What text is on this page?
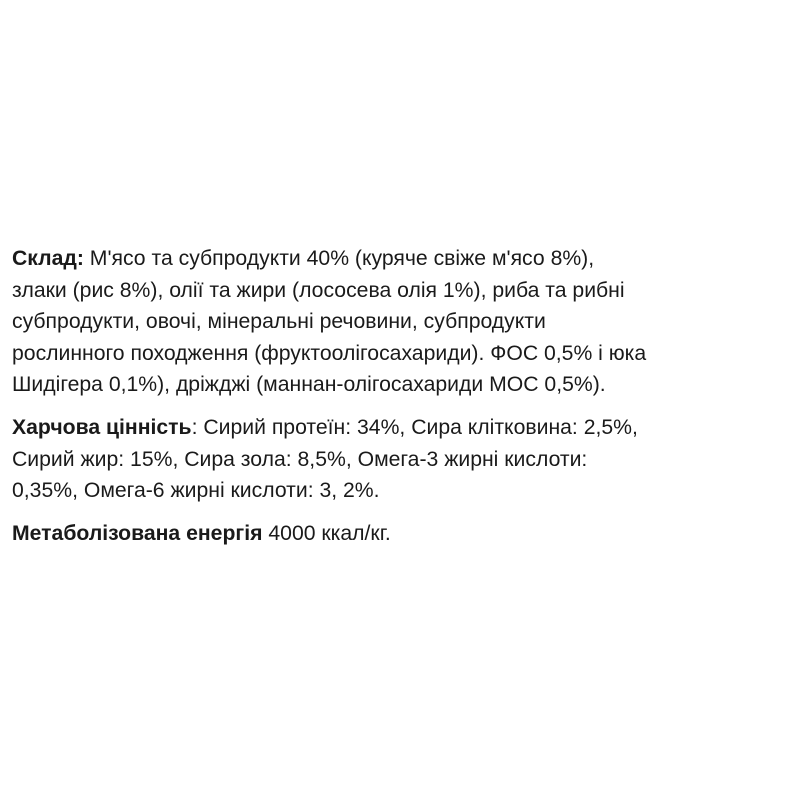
Склад: М'ясо та субпродукти 40% (куряче свіже м'ясо 8%),
злаки (рис 8%), олії та жири (лососева олія 1%), риба та рибні
субпродукти, овочі, мінеральні речовини, субпродукти
рослинного походження (фруктоолігосахариди). ФОС 0,5% і юка
Шидігера 0,1%), дріжджі (маннан-олігосахариди МОС 0,5%).

Харчова цінність: Сирий протеїн: 34%, Сира клітковина: 2,5%,
Сирий жир: 15%, Сира зола: 8,5%, Омега-3 жирні кислоти:
0,35%, Омега-6 жирні кислоти: 3, 2%.

Метаболізована енергія 4000 ккал/кг.
